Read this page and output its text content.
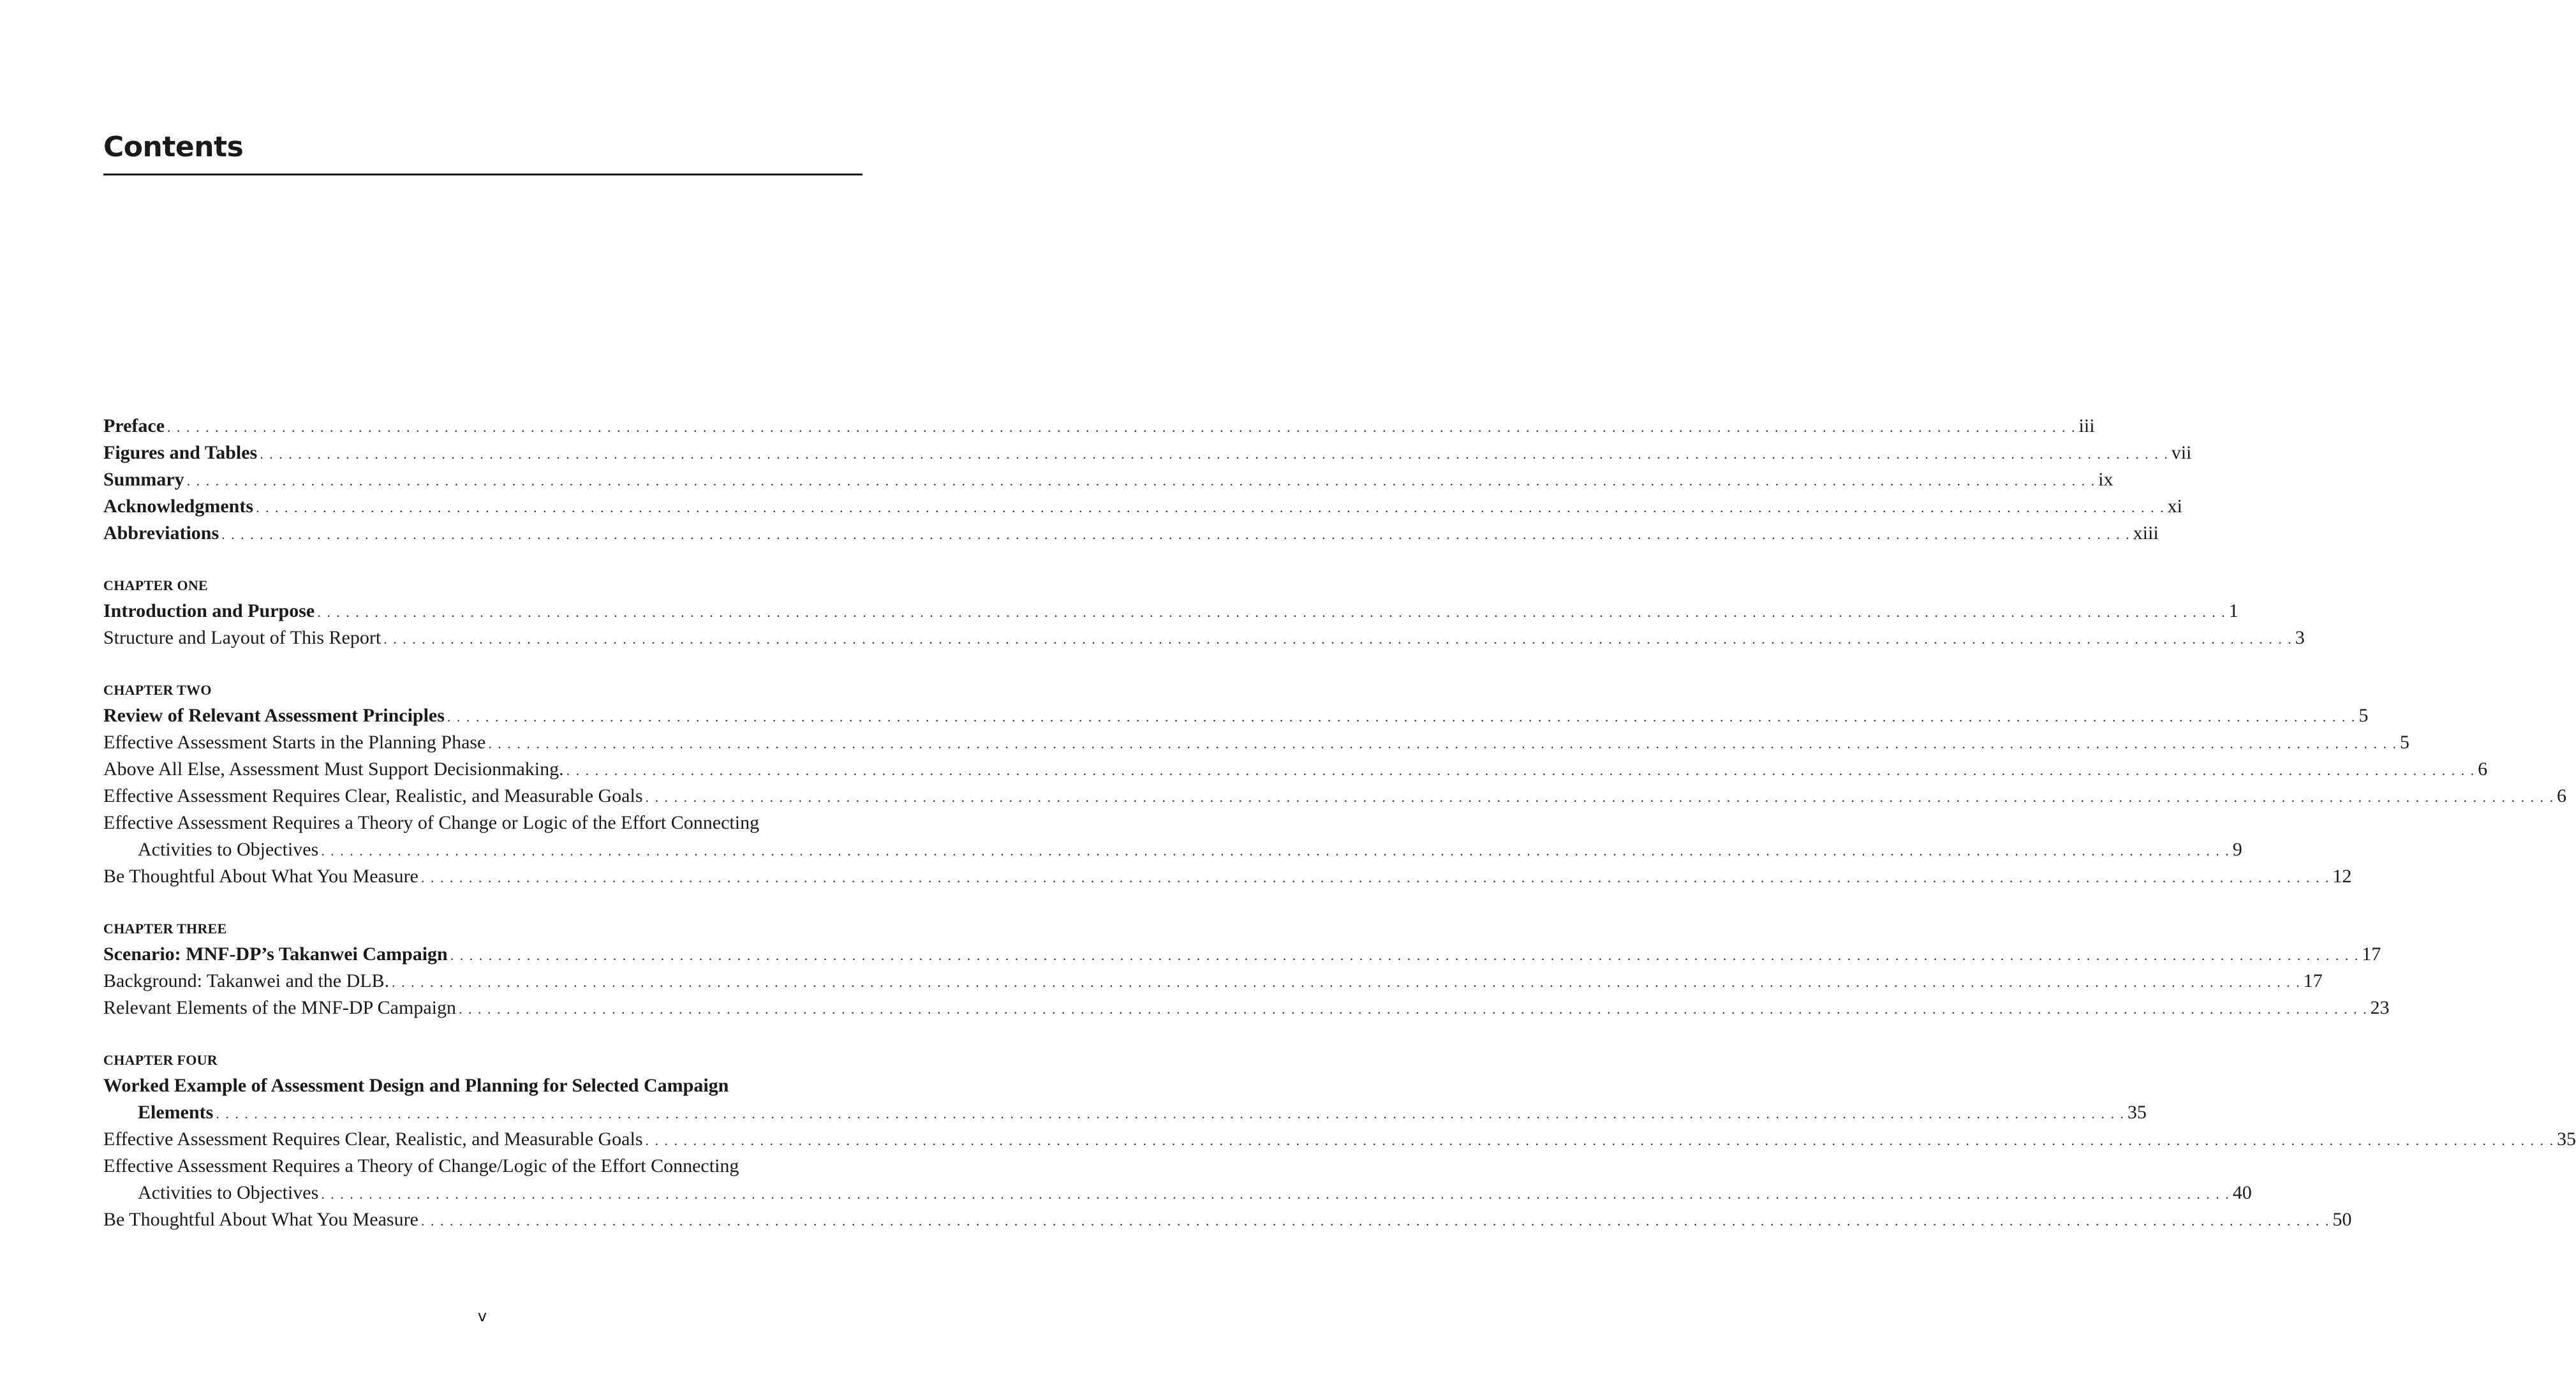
Contents
Preface . . . . . . . . . . . . . . . . . . . . . . . . . . . . . . . . . . . . . . . . . . . . . . . . . . . . . . . . . . . . . . . . . . . . . . . . . . . . . . . . . . . . . . . . . . . . . . . . . . . . . . . . . . . . . . . . . . . . . . . . . . . . . . . . . . . . . . . . . . . . . . . . . . . . . . . . . . . . . . . . . . . . . . . . . . . . . . . . . . . . . . . . . . . . . . . . . . . . . . . . iii
Figures and Tables . . . . . . . . . . . . . . . . . . . . . . . . . . . . . . . . . . . . . . . . . . . . . . . . . . . . . . . . . . . . . . . . . . . . . . . . . . . . . . . . . . . . . . . . . . . . . . . . . . . . . . . . . . . . . . . . . . . . . . . . . . . . . . . . . . . . . . . . . . . . . . . . . . . . . . . . . . . . . . . . . . . . . . . . . . . . . . . . . . . . . . . . . . . . . . . . . . . . . . . . vii
Summary . . . . . . . . . . . . . . . . . . . . . . . . . . . . . . . . . . . . . . . . . . . . . . . . . . . . . . . . . . . . . . . . . . . . . . . . . . . . . . . . . . . . . . . . . . . . . . . . . . . . . . . . . . . . . . . . . . . . . . . . . . . . . . . . . . . . . . . . . . . . . . . . . . . . . . . . . . . . . . . . . . . . . . . . . . . . . . . . . . . . . . . . . . . . . . . . . . . . . . . . ix
Acknowledgments . . . . . . . . . . . . . . . . . . . . . . . . . . . . . . . . . . . . . . . . . . . . . . . . . . . . . . . . . . . . . . . . . . . . . . . . . . . . . . . . . . . . . . . . . . . . . . . . . . . . . . . . . . . . . . . . . . . . . . . . . . . . . . . . . . . . . . . . . . . . . . . . . . . . . . . . . . . . . . . . . . . . . . . . . . . . . . . . . . . . . . . . . . . . . . . . . . . . . . . . xi
Abbreviations . . . . . . . . . . . . . . . . . . . . . . . . . . . . . . . . . . . . . . . . . . . . . . . . . . . . . . . . . . . . . . . . . . . . . . . . . . . . . . . . . . . . . . . . . . . . . . . . . . . . . . . . . . . . . . . . . . . . . . . . . . . . . . . . . . . . . . . . . . . . . . . . . . . . . . . . . . . . . . . . . . . . . . . . . . . . . . . . . . . . . . . . . . . . . . . . . . . . . . . . xiii
CHAPTER ONE
Introduction and Purpose . . . . . . . . . . . . . . . . . . . . . . . . . . . . . . . . . . . . . . . . . . . . . . . . . . . . . . . . . . . . . . . . . . . . . . . . . . . . . . . . . . . . . . . . . . . . . . . . . . . . . . . . . . . . . . . . . . . . . . . . . . . . . . . . . . . . . . . . . . . . . . . . . . . . . . . . . . . . . . . . . . . . . . . . . . . . . . . . . . . . . . . . . . . . . . . . . . . . . . . . 1
Structure and Layout of This Report . . . . . . . . . . . . . . . . . . . . . . . . . . . . . . . . . . . . . . . . . . . . . . . . . . . . . . . . . . . . . . . . . . . . . . . . . . . . . . . . . . . . . . . . . . . . . . . . . . . . . . . . . . . . . . . . . . . . . . . . . . . . . . . . . . . . . . . . . . . . . . . . . . . . . . . . . . . . . . . . . . . . . . . . . . . . . . . . . . . . . . . . . . . . . . . . . . . . . . . . 3
CHAPTER TWO
Review of Relevant Assessment Principles . . . . . . . . . . . . . . . . . . . . . . . . . . . . . . . . . . . . . . . . . . . . . . . . . . . . . . . . . . . . . . . . . . . . . . . . . . . . . . . . . . . . . . . . . . . . . . . . . . . . . . . . . . . . . . . . . . . . . . . . . . . . . . . . . . . . . . . . . . . . . . . . . . . . . . . . . . . . . . . . . . . . . . . . . . . . . . . . . . . . . . . . . . . . . . . . . . . . . . . . 5
Effective Assessment Starts in the Planning Phase . . . . . . . . . . . . . . . . . . . . . . . . . . . . . . . . . . . . . . . . . . . . . . . . . . . . . . . . . . . . . . . . . . . . . . . . . . . . . . . . . . . . . . . . . . . . . . . . . . . . . . . . . . . . . . . . . . . . . . . . . . . . . . . . . . . . . . . . . . . . . . . . . . . . . . . . . . . . . . . . . . . . . . . . . . . . . . . . . . . . . . . . . . . . . . . . . . . . . . . . 5
Above All Else, Assessment Must Support Decisionmaking. . . . . . . . . . . . . . . . . . . . . . . . . . . . . . . . . . . . . . . . . . . . . . . . . . . . . . . . . . . . . . . . . . . . . . . . . . . . . . . . . . . . . . . . . . . . . . . . . . . . . . . . . . . . . . . . . . . . . . . . . . . . . . . . . . . . . . . . . . . . . . . . . . . . . . . . . . . . . . . . . . . . . . . . . . . . . . . . . . . . . . . . . . . . . . . . . . . . . . . . . 6
Effective Assessment Requires Clear, Realistic, and Measurable Goals . . . . . . . . . . . . . . . . . . . . . . . . . . . . . . . . . . . . . . . . . . . . . . . . . . . . . . . . . . . . . . . . . . . . . . . . . . . . . . . . . . . . . . . . . . . . . . . . . . . . . . . . . . . . . . . . . . . . . . . . . . . . . . . . . . . . . . . . . . . . . . . . . . . . . . . . . . . . . . . . . . . . . . . . . . . . . . . . . . . . . . . . . . . . . . . . . . . . . . . . 6
Effective Assessment Requires a Theory of Change or Logic of the Effort Connecting
Activities to Objectives . . . . . . . . . . . . . . . . . . . . . . . . . . . . . . . . . . . . . . . . . . . . . . . . . . . . . . . . . . . . . . . . . . . . . . . . . . . . . . . . . . . . . . . . . . . . . . . . . . . . . . . . . . . . . . . . . . . . . . . . . . . . . . . . . . . . . . . . . . . . . . . . . . . . . . . . . . . . . . . . . . . . . . . . . . . . . . . . . . . . . . . . . . . . . . . . . . . . . . . . 9
Be Thoughtful About What You Measure . . . . . . . . . . . . . . . . . . . . . . . . . . . . . . . . . . . . . . . . . . . . . . . . . . . . . . . . . . . . . . . . . . . . . . . . . . . . . . . . . . . . . . . . . . . . . . . . . . . . . . . . . . . . . . . . . . . . . . . . . . . . . . . . . . . . . . . . . . . . . . . . . . . . . . . . . . . . . . . . . . . . . . . . . . . . . . . . . . . . . . . . . . . . . . . . . . . . . . . . 12
CHAPTER THREE
Scenario: MNF-DP’s Takanwei Campaign . . . . . . . . . . . . . . . . . . . . . . . . . . . . . . . . . . . . . . . . . . . . . . . . . . . . . . . . . . . . . . . . . . . . . . . . . . . . . . . . . . . . . . . . . . . . . . . . . . . . . . . . . . . . . . . . . . . . . . . . . . . . . . . . . . . . . . . . . . . . . . . . . . . . . . . . . . . . . . . . . . . . . . . . . . . . . . . . . . . . . . . . . . . . . . . . . . . . . . . . 17
Background: Takanwei and the DLB. . . . . . . . . . . . . . . . . . . . . . . . . . . . . . . . . . . . . . . . . . . . . . . . . . . . . . . . . . . . . . . . . . . . . . . . . . . . . . . . . . . . . . . . . . . . . . . . . . . . . . . . . . . . . . . . . . . . . . . . . . . . . . . . . . . . . . . . . . . . . . . . . . . . . . . . . . . . . . . . . . . . . . . . . . . . . . . . . . . . . . . . . . . . . . . . . . . . . . . . . 17
Relevant Elements of the MNF-DP Campaign . . . . . . . . . . . . . . . . . . . . . . . . . . . . . . . . . . . . . . . . . . . . . . . . . . . . . . . . . . . . . . . . . . . . . . . . . . . . . . . . . . . . . . . . . . . . . . . . . . . . . . . . . . . . . . . . . . . . . . . . . . . . . . . . . . . . . . . . . . . . . . . . . . . . . . . . . . . . . . . . . . . . . . . . . . . . . . . . . . . . . . . . . . . . . . . . . . . . . . . . 23
CHAPTER FOUR
Worked Example of Assessment Design and Planning for Selected Campaign
Elements . . . . . . . . . . . . . . . . . . . . . . . . . . . . . . . . . . . . . . . . . . . . . . . . . . . . . . . . . . . . . . . . . . . . . . . . . . . . . . . . . . . . . . . . . . . . . . . . . . . . . . . . . . . . . . . . . . . . . . . . . . . . . . . . . . . . . . . . . . . . . . . . . . . . . . . . . . . . . . . . . . . . . . . . . . . . . . . . . . . . . . . . . . . . . . . . . . . . . . . . 35
Effective Assessment Requires Clear, Realistic, and Measurable Goals . . . . . . . . . . . . . . . . . . . . . . . . . . . . . . . . . . . . . . . . . . . . . . . . . . . . . . . . . . . . . . . . . . . . . . . . . . . . . . . . . . . . . . . . . . . . . . . . . . . . . . . . . . . . . . . . . . . . . . . . . . . . . . . . . . . . . . . . . . . . . . . . . . . . . . . . . . . . . . . . . . . . . . . . . . . . . . . . . . . . . . . . . . . . . . . . . . . . . . . . 35
Effective Assessment Requires a Theory of Change/Logic of the Effort Connecting
Activities to Objectives . . . . . . . . . . . . . . . . . . . . . . . . . . . . . . . . . . . . . . . . . . . . . . . . . . . . . . . . . . . . . . . . . . . . . . . . . . . . . . . . . . . . . . . . . . . . . . . . . . . . . . . . . . . . . . . . . . . . . . . . . . . . . . . . . . . . . . . . . . . . . . . . . . . . . . . . . . . . . . . . . . . . . . . . . . . . . . . . . . . . . . . . . . . . . . . . . . . . . . . . 40
Be Thoughtful About What You Measure . . . . . . . . . . . . . . . . . . . . . . . . . . . . . . . . . . . . . . . . . . . . . . . . . . . . . . . . . . . . . . . . . . . . . . . . . . . . . . . . . . . . . . . . . . . . . . . . . . . . . . . . . . . . . . . . . . . . . . . . . . . . . . . . . . . . . . . . . . . . . . . . . . . . . . . . . . . . . . . . . . . . . . . . . . . . . . . . . . . . . . . . . . . . . . . . . . . . . . . . 50
v
